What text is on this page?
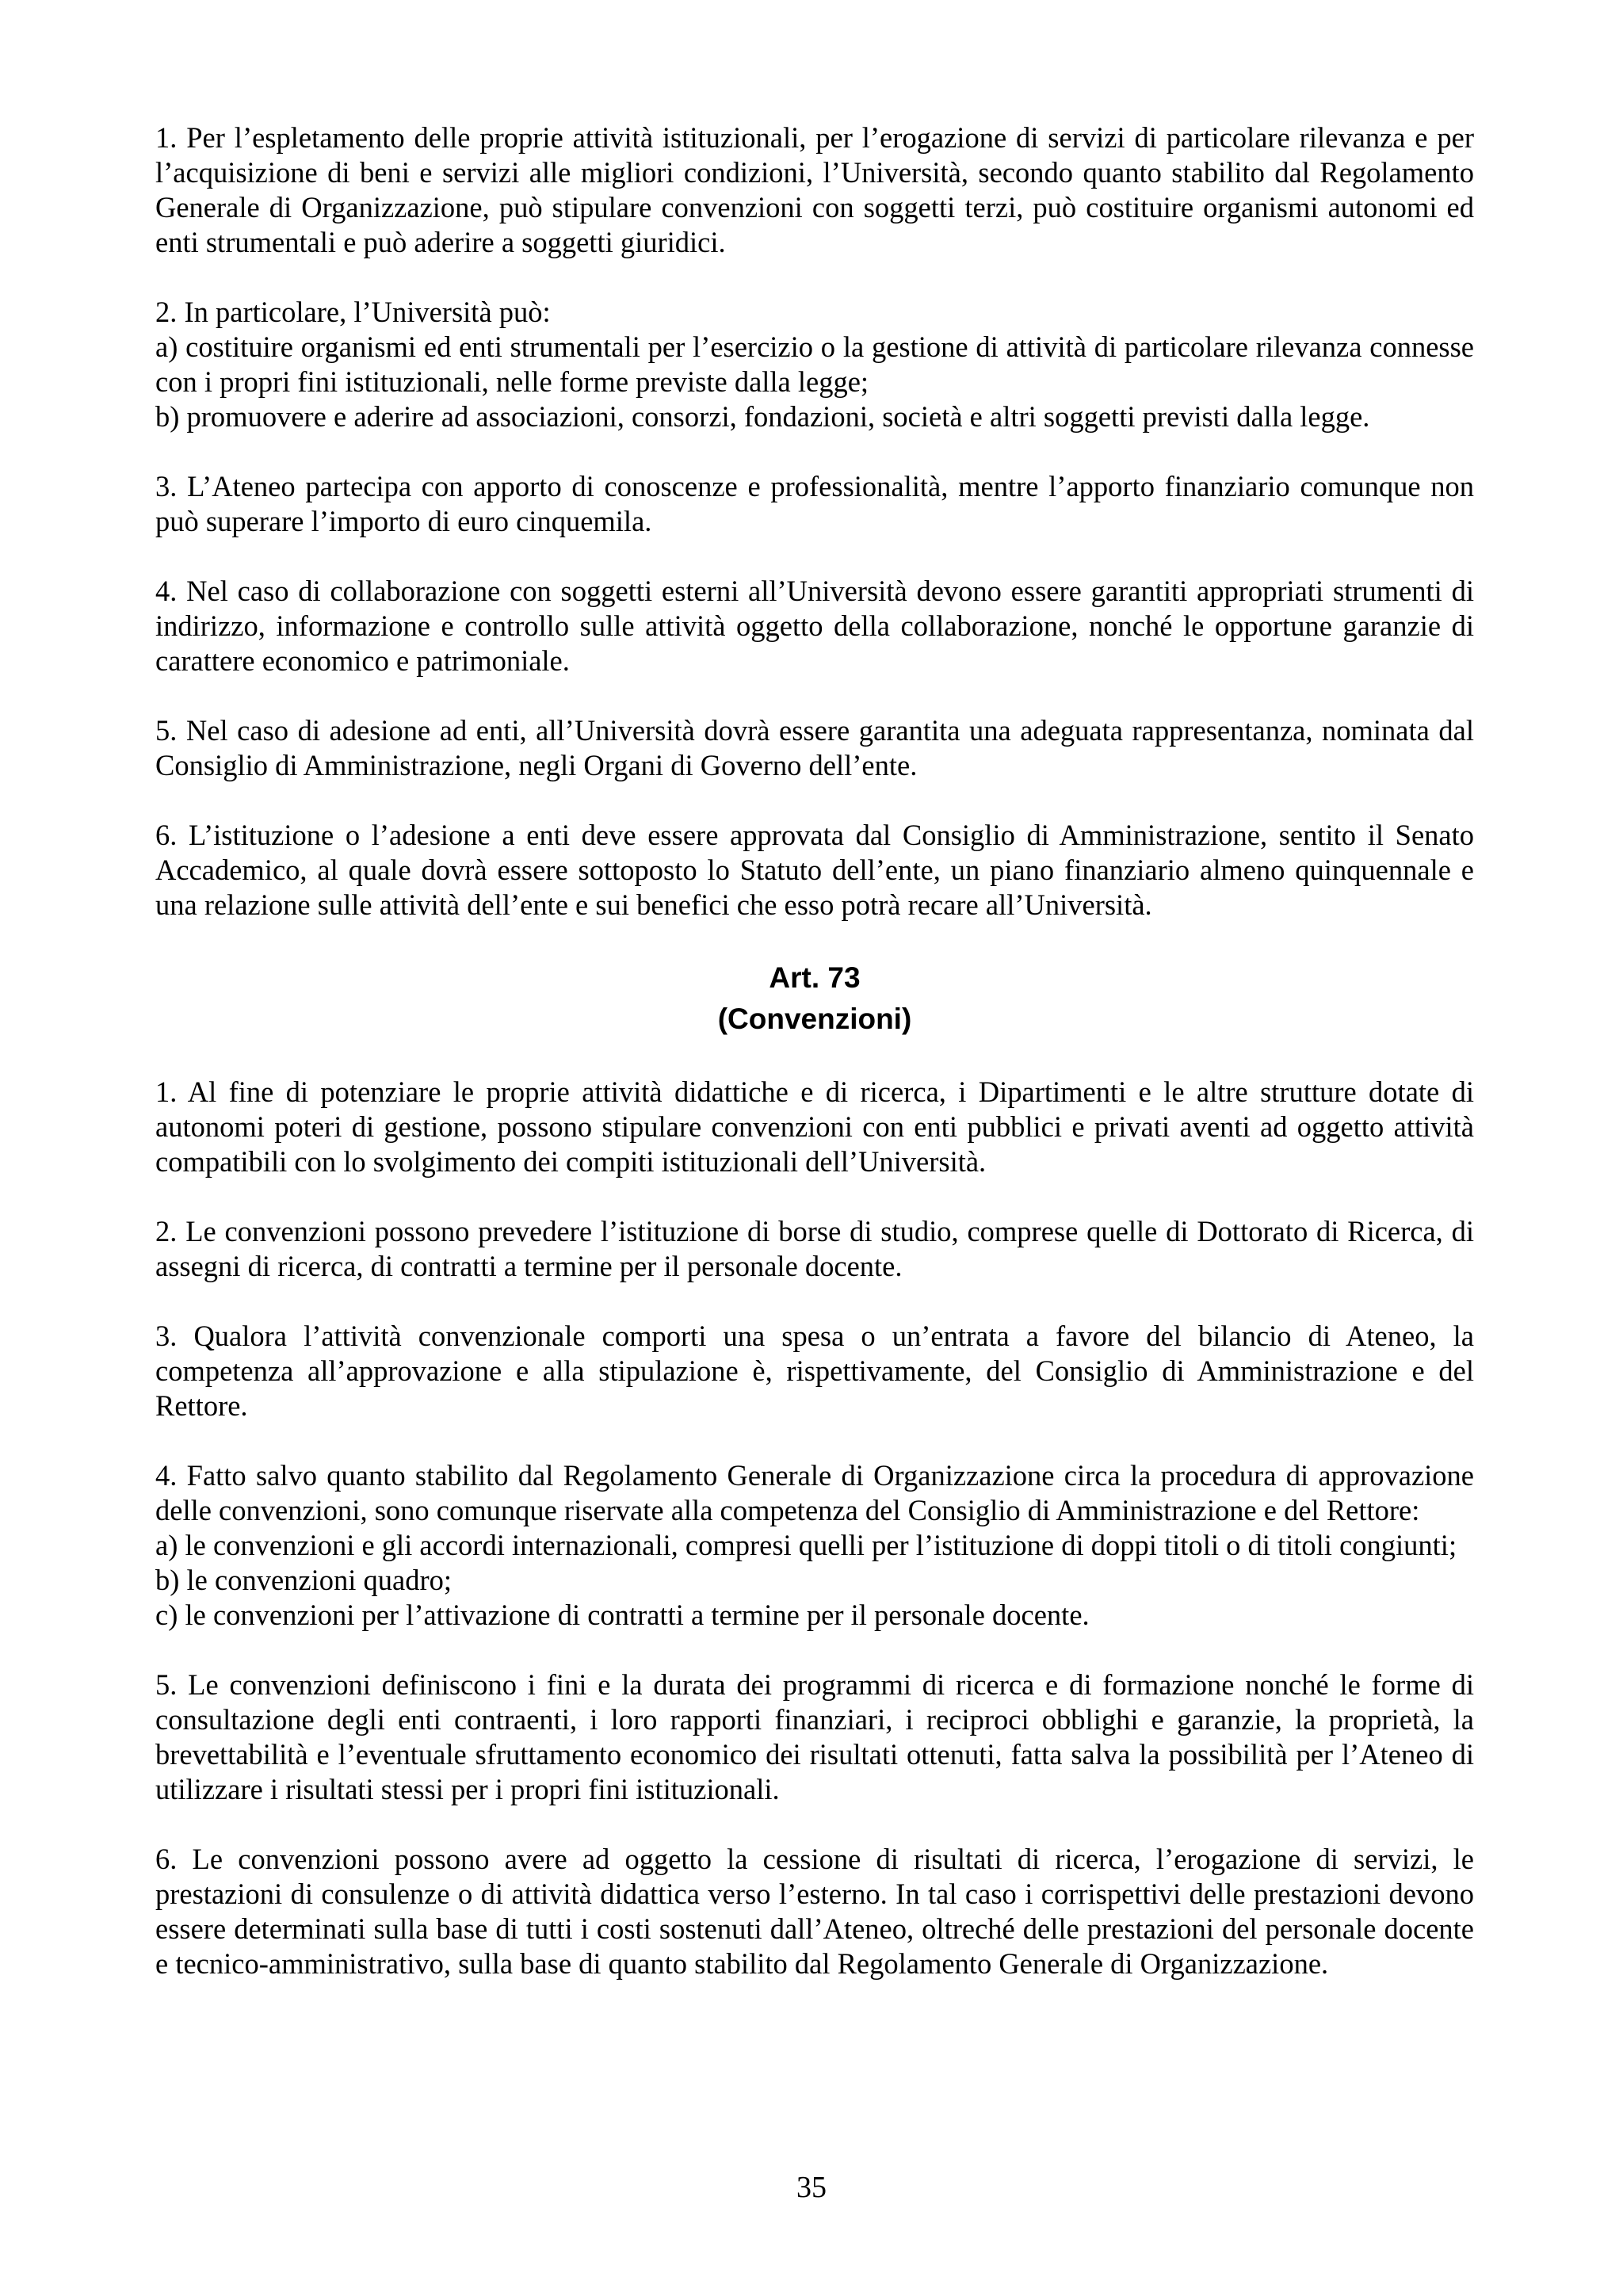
1. Per l’espletamento delle proprie attività istituzionali, per l’erogazione di servizi di particolare rilevanza e per l’acquisizione di beni e servizi alle migliori condizioni, l’Università, secondo quanto stabilito dal Regolamento Generale di Organizzazione, può stipulare convenzioni con soggetti terzi, può costituire organismi autonomi ed enti strumentali e può aderire a soggetti giuridici.

2. In particolare, l’Università può:
a) costituire organismi ed enti strumentali per l’esercizio o la gestione di attività di particolare rilevanza connesse con i propri fini istituzionali, nelle forme previste dalla legge;
b) promuovere e aderire ad associazioni, consorzi, fondazioni, società e altri soggetti previsti dalla legge.

3. L’Ateneo partecipa con apporto di conoscenze e professionalità, mentre l’apporto finanziario comunque non può superare l’importo di euro cinquemila.

4. Nel caso di collaborazione con soggetti esterni all’Università devono essere garantiti appropriati strumenti di indirizzo, informazione e controllo sulle attività oggetto della collaborazione, nonché le opportune garanzie di carattere economico e patrimoniale.

5. Nel caso di adesione ad enti, all’Università dovrà essere garantita una adeguata rappresentanza, nominata dal Consiglio di Amministrazione, negli Organi di Governo dell’ente.

6. L’istituzione o l’adesione a enti deve essere approvata dal Consiglio di Amministrazione, sentito il Senato Accademico, al quale dovrà essere sottoposto lo Statuto dell’ente, un piano finanziario almeno quinquennale e una relazione sulle attività dell’ente e sui benefici che esso potrà recare all’Università.

Art. 73
(Convenzioni)

1. Al fine di potenziare le proprie attività didattiche e di ricerca, i Dipartimenti e le altre strutture dotate di autonomi poteri di gestione, possono stipulare convenzioni con enti pubblici e privati aventi ad oggetto attività compatibili con lo svolgimento dei compiti istituzionali dell’Università.

2. Le convenzioni possono prevedere l’istituzione di borse di studio, comprese quelle di Dottorato di Ricerca, di assegni di ricerca, di contratti a termine per il personale docente.

3. Qualora l’attività convenzionale comporti una spesa o un’entrata a favore del bilancio di Ateneo, la competenza all’approvazione e alla stipulazione è, rispettivamente, del Consiglio di Amministrazione e del Rettore.

4. Fatto salvo quanto stabilito dal Regolamento Generale di Organizzazione circa la procedura di approvazione delle convenzioni, sono comunque riservate alla competenza del Consiglio di Amministrazione e del Rettore:
a) le convenzioni e gli accordi internazionali, compresi quelli per l’istituzione di doppi titoli o di titoli congiunti;
b) le convenzioni quadro;
c) le convenzioni per l’attivazione di contratti a termine per il personale docente.

5. Le convenzioni definiscono i fini e la durata dei programmi di ricerca e di formazione nonché le forme di consultazione degli enti contraenti, i loro rapporti finanziari, i reciproci obblighi e garanzie, la proprietà, la brevettabilità e l’eventuale sfruttamento economico dei risultati ottenuti, fatta salva la possibilità per l’Ateneo di utilizzare i risultati stessi per i propri fini istituzionali.

6. Le convenzioni possono avere ad oggetto la cessione di risultati di ricerca, l’erogazione di servizi, le prestazioni di consulenze o di attività didattica verso l’esterno. In tal caso i corrispettivi delle prestazioni devono essere determinati sulla base di tutti i costi sostenuti dall’Ateneo, oltreché delle prestazioni del personale docente e tecnico-amministrativo, sulla base di quanto stabilito dal Regolamento Generale di Organizzazione.

35
